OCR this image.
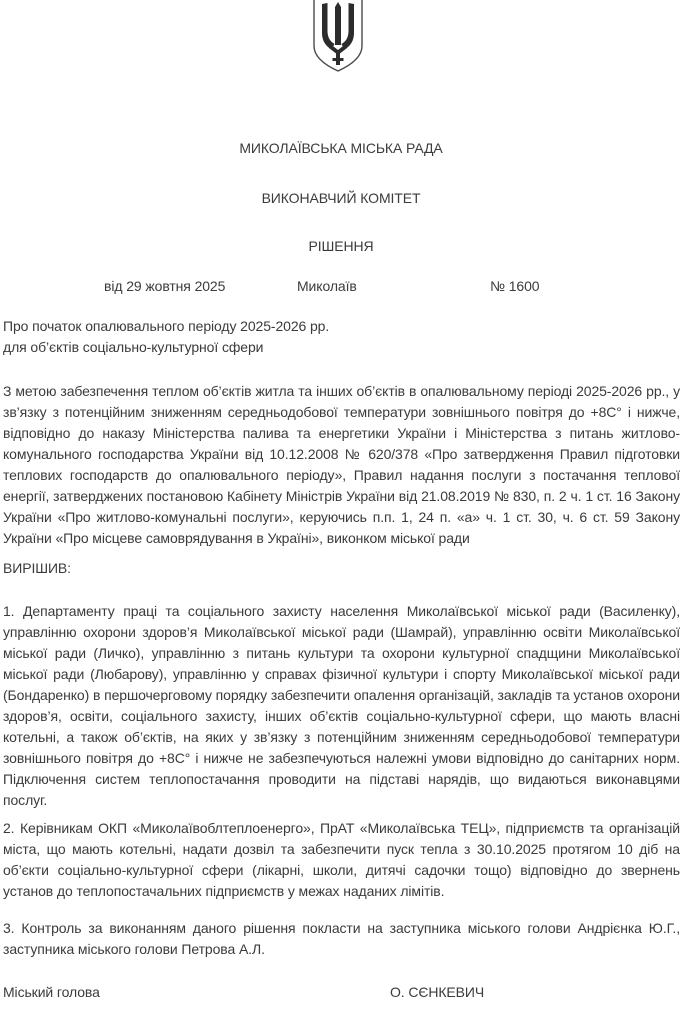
МИКОЛАЇВСЬКА МІСЬКА РАДА
ВИКОНАВЧИЙ КОМІТЕТ
РІШЕННЯ
від 29 жовтня 2025	Миколаїв	№ 1600
Про початок опалювального періоду 2025-2026 рр.
для об’єктів соціально-культурної сфери
З метою забезпечення теплом об’єктів житла та інших об’єктів в опалювальному періоді 2025-2026 рр., у зв’язку з потенційним зниженням середньодобової температури зовнішнього повітря до +8С° і нижче, відповідно до наказу Міністерства палива та енергетики України і Міністерства з питань житлово-комунального господарства України від 10.12.2008 № 620/378 «Про затвердження Правил підготовки теплових господарств до опалювального періоду», Правил надання послуги з постачання теплової енергії, затверджених постановою Кабінету Міністрів України від 21.08.2019 № 830, п. 2 ч. 1 ст. 16 Закону України «Про житлово-комунальні послуги», керуючись п.п. 1, 24 п. «а» ч. 1 ст. 30, ч. 6 ст. 59 Закону України «Про місцеве самоврядування в Україні», виконком міської ради
ВИРІШИВ:
1. Департаменту праці та соціального захисту населення Миколаївської міської ради (Василенку), управлінню охорони здоров’я Миколаївської міської ради (Шамрай), управлінню освіти Миколаївської міської ради (Личко), управлінню з питань культури та охорони культурної спадщини Миколаївської міської ради (Любарову), управлінню у справах фізичної культури і спорту Миколаївської міської ради (Бондаренко) в першочерговому порядку забезпечити опалення організацій, закладів та установ охорони здоров’я, освіти, соціального захисту, інших об’єктів соціально-культурної сфери, що мають власні котельні, а також об’єктів, на яких у зв’язку з потенційним зниженням середньодобової температури зовнішнього повітря до +8С° і нижче не забезпечуються належні умови відповідно до санітарних норм. Підключення систем теплопостачання проводити на підставі нарядів, що видаються виконавцями послуг.
2. Керівникам ОКП «Миколаївоблтеплоенерго», ПрАТ «Миколаївська ТЕЦ», підприємств та організацій міста, що мають котельні, надати дозвіл та забезпечити пуск тепла з 30.10.2025 протягом 10 діб на об’єкти соціально-культурної сфери (лікарні, школи, дитячі садочки тощо) відповідно до звернень установ до теплопостачальних підприємств у межах наданих лімітів.
3. Контроль за виконанням даного рішення покласти на заступника міського голови Андрієнка Ю.Г., заступника міського голови Петрова А.Л.
Міський голова	О. СЄНКЕВИЧ
